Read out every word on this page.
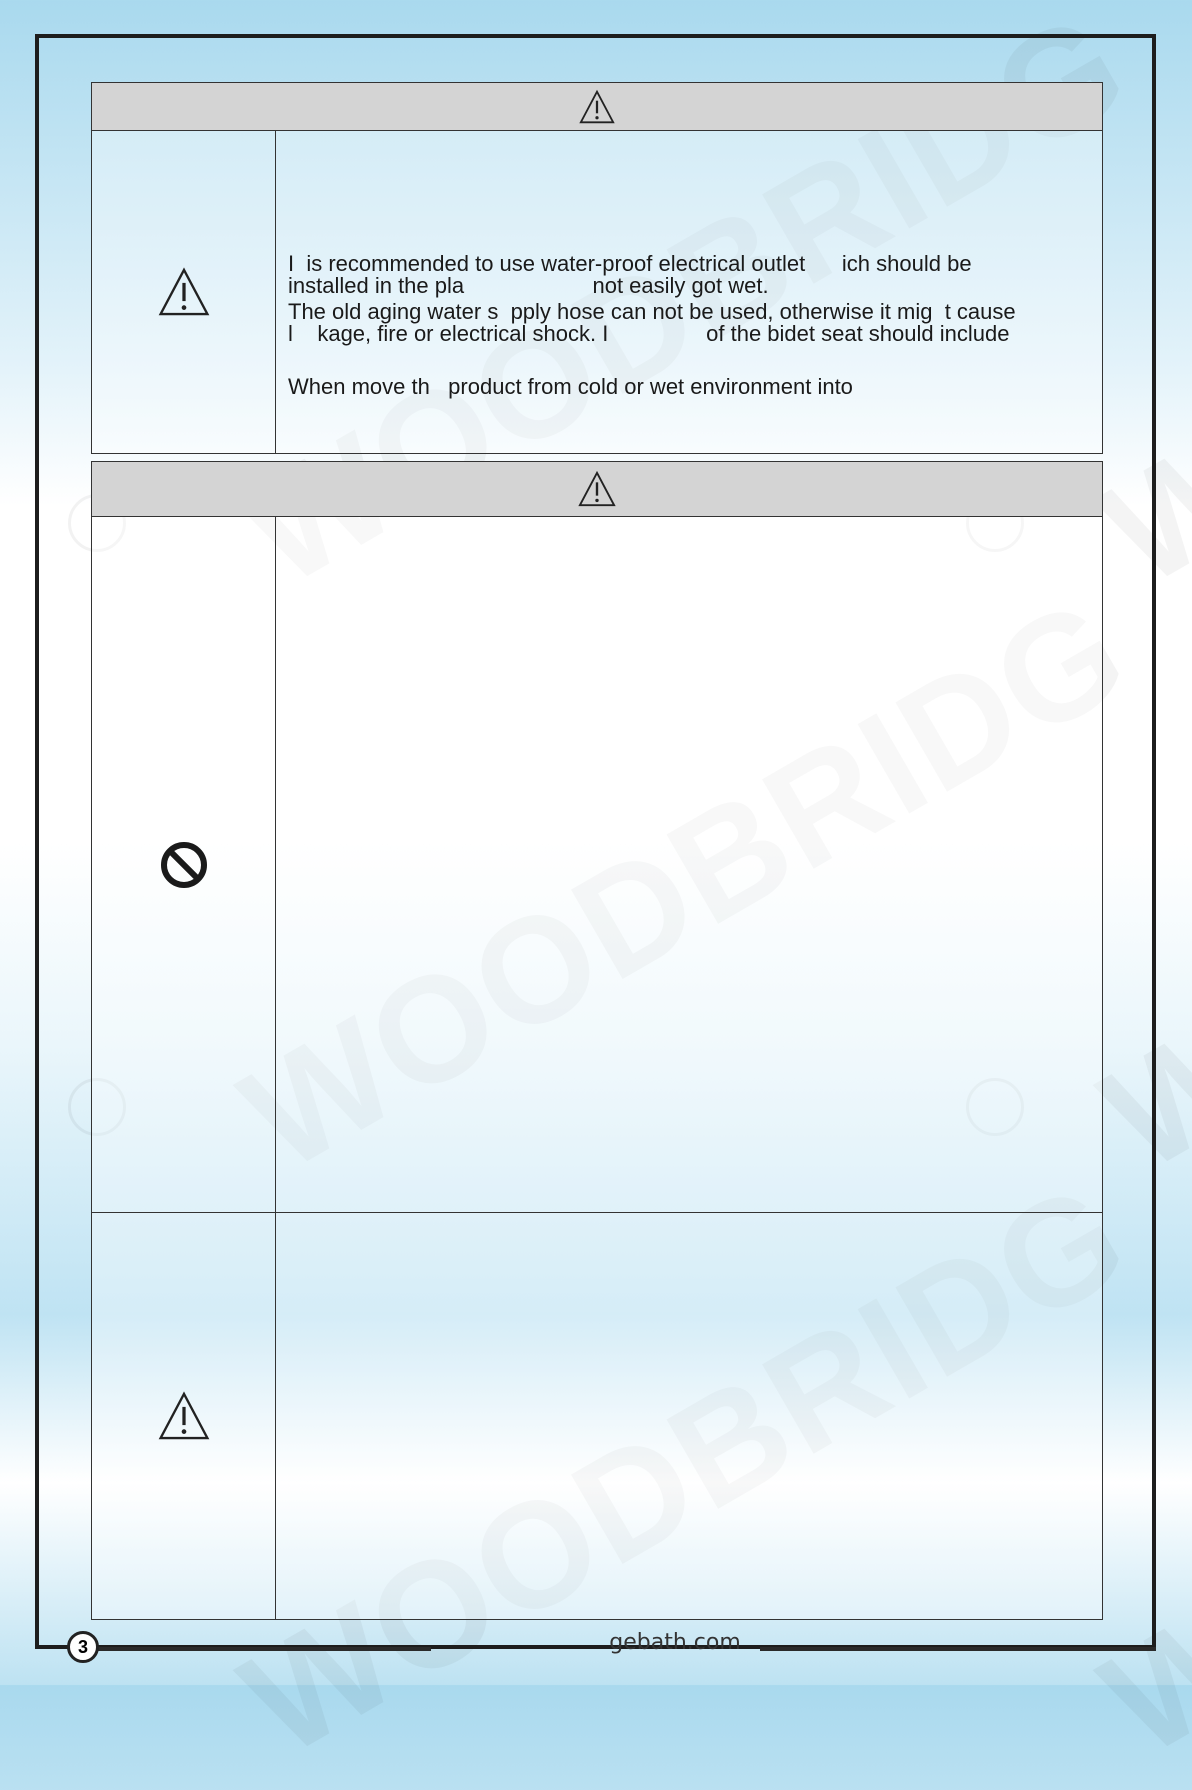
I  is recommended to use water-proof electrical outlet      ich should be

installed in the pla                     not easily got wet.

The old aging water s  pply hose can not be used, otherwise it mig  t cause

l    kage, fire or electrical shock. I                of the bidet seat should include

When move th   product from cold or wet environment into

3	gebath.com
